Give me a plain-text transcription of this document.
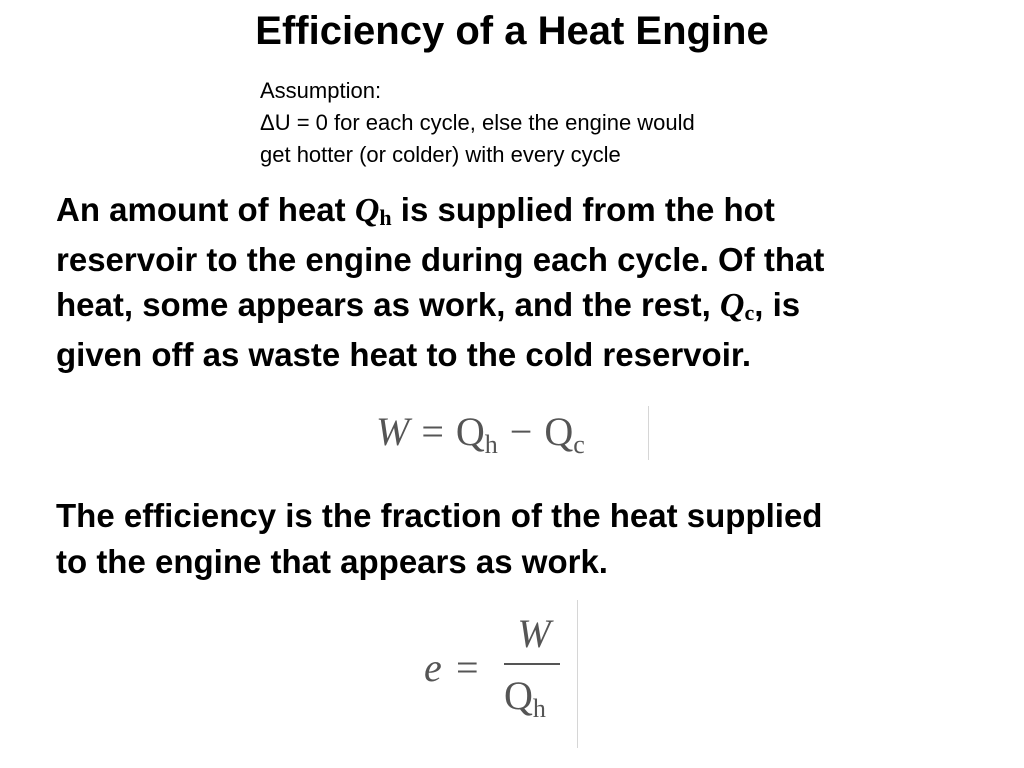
Efficiency of a Heat Engine
Assumption:
ΔU = 0 for each cycle, else the engine would
get hotter (or colder) with every cycle
An amount of heat $Q_h$ is supplied from the hot
reservoir to the engine during each cycle. Of that
heat, some appears as work, and the rest, $Q_c$, is
given off as waste heat to the cold reservoir.
$W = Q_h - Q_c$
The efficiency is the fraction of the heat supplied
to the engine that appears as work.
e =
W
$Q_h$
